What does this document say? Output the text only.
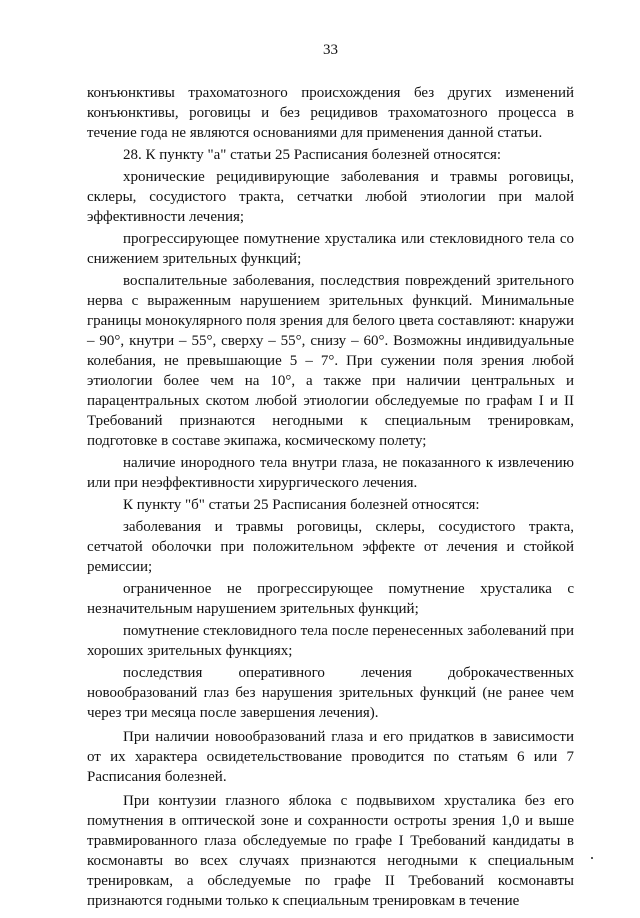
33

конъюнктивы трахоматозного происхождения без других изменений конъюнктивы, роговицы и без рецидивов трахоматозного процесса в течение года не являются основаниями для применения данной статьи.

28. К пункту "а" статьи 25 Расписания болезней относятся:

хронические рецидивирующие заболевания и травмы роговицы, склеры, сосудистого тракта, сетчатки любой этиологии при малой эффективности лечения;

прогрессирующее помутнение хрусталика или стекловидного тела со снижением зрительных функций;

воспалительные заболевания, последствия повреждений зрительного нерва с выраженным нарушением зрительных функций. Минимальные границы монокулярного поля зрения для белого цвета составляют: кнаружи – 90°, кнутри – 55°, сверху – 55°, снизу – 60°. Возможны индивидуальные колебания, не превышающие 5 – 7°. При сужении поля зрения любой этиологии более чем на 10°, а также при наличии центральных и парацентральных скотом любой этиологии обследуемые по графам I и II Требований признаются негодными к специальным тренировкам, подготовке в составе экипажа, космическому полету;

наличие инородного тела внутри глаза, не показанного к извлечению или при неэффективности хирургического лечения.

К пункту "б" статьи 25 Расписания болезней относятся:

заболевания и травмы роговицы, склеры, сосудистого тракта, сетчатой оболочки при положительном эффекте от лечения и стойкой ремиссии;

ограниченное не прогрессирующее помутнение хрусталика с незначительным нарушением зрительных функций;

помутнение стекловидного тела после перенесенных заболеваний при хороших зрительных функциях;

последствия оперативного лечения доброкачественных новообразований глаз без нарушения зрительных функций (не ранее чем через три месяца после завершения лечения).

При наличии новообразований глаза и его придатков в зависимости от их характера освидетельствование проводится по статьям 6 или 7 Расписания болезней.

При контузии глазного яблока с подвывихом хрусталика без его помутнения в оптической зоне и сохранности остроты зрения 1,0 и выше травмированного глаза обследуемые по графе I Требований кандидаты в космонавты во всех случаях признаются негодными к специальным тренировкам, а обследуемые по графе II Требований космонавты признаются годными только к специальным тренировкам в течение
